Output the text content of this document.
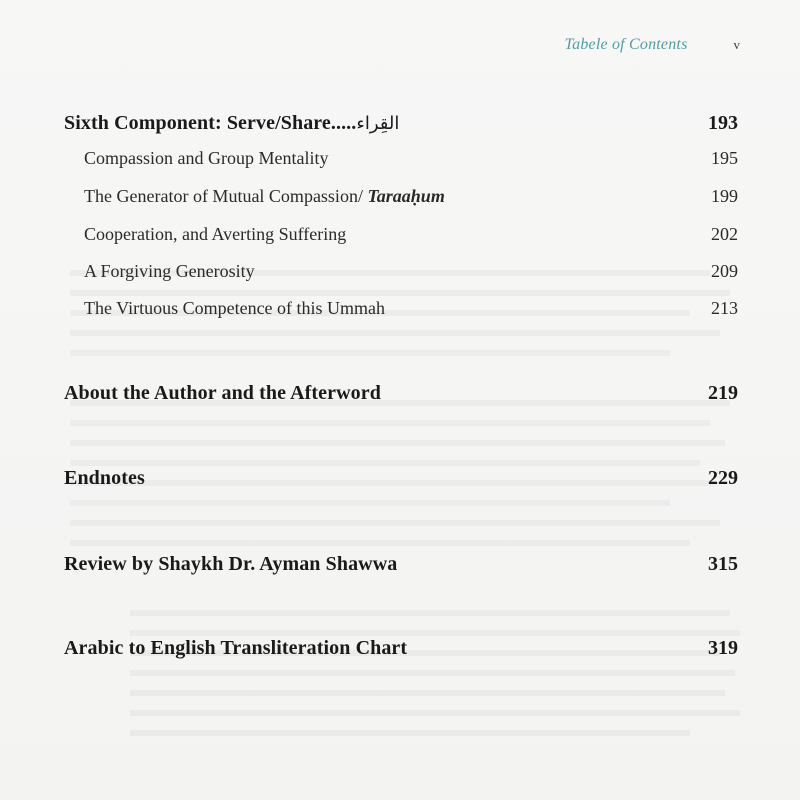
Tabele of Contents	v
Sixth Component: Serve/Share.....القِراء	193
Compassion and Group Mentality	195
The Generator of Mutual Compassion/ Taraaḥum	199
Cooperation, and Averting Suffering	202
A Forgiving Generosity	209
The Virtuous Competence of this Ummah	213
About the Author and the Afterword	219
Endnotes	229
Review by Shaykh Dr. Ayman Shawwa	315
Arabic to English Transliteration Chart	319
